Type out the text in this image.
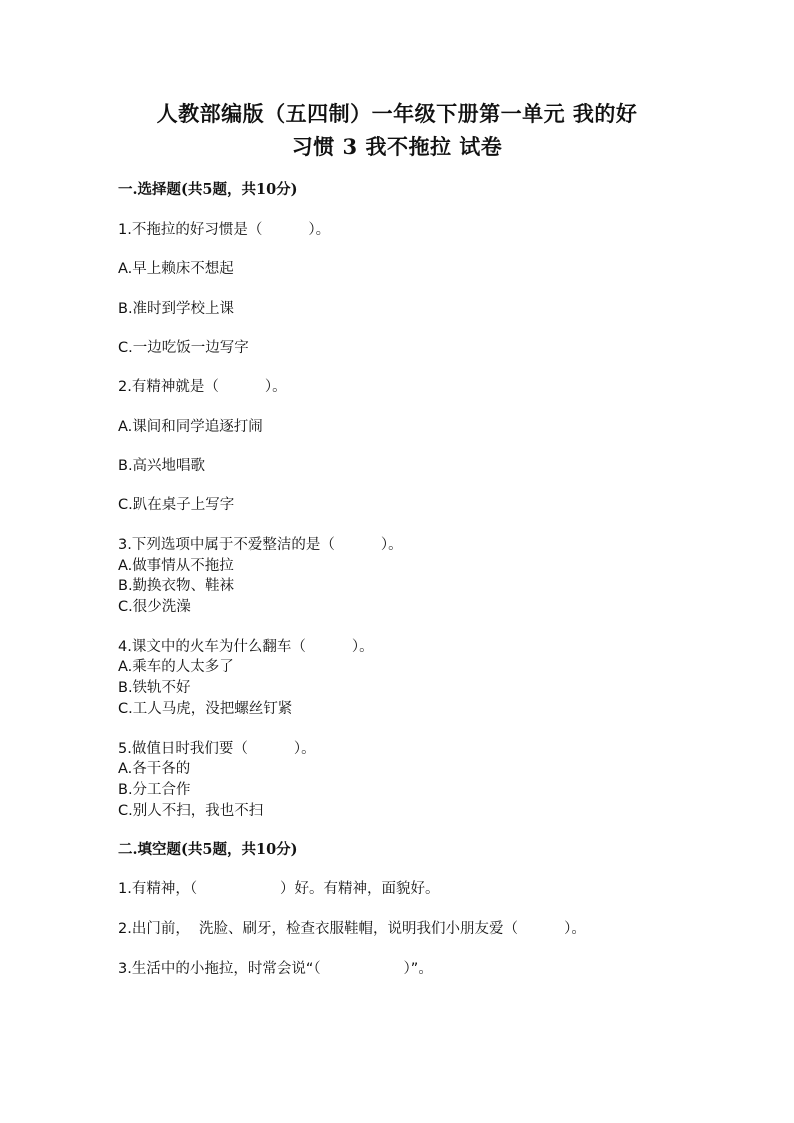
人教部编版（五四制）一年级下册第一单元 我的好
习惯 3 我不拖拉 试卷
一.选择题(共5题，共10分)
1.不拖拉的好习惯是（          ）。
A.早上赖床不想起
B.准时到学校上课
C.一边吃饭一边写字
2.有精神就是（          ）。
A.课间和同学追逐打闹
B.高兴地唱歌
C.趴在桌子上写字
3.下列选项中属于不爱整洁的是（          ）。
A.做事情从不拖拉
B.勤换衣物、鞋袜
C.很少洗澡
4.课文中的火车为什么翻车（          ）。
A.乘车的人太多了
B.铁轨不好
C.工人马虎，没把螺丝钉紧
5.做值日时我们要（          ）。
A.各干各的
B.分工合作
C.别人不扫，我也不扫
二.填空题(共5题，共10分)
1.有精神，（                  ）好。有精神，面貌好。
2.出门前，  洗脸、刷牙，检查衣服鞋帽，说明我们小朋友爱（          ）。
3.生活中的小拖拉，时常会说“（                  ）”。
